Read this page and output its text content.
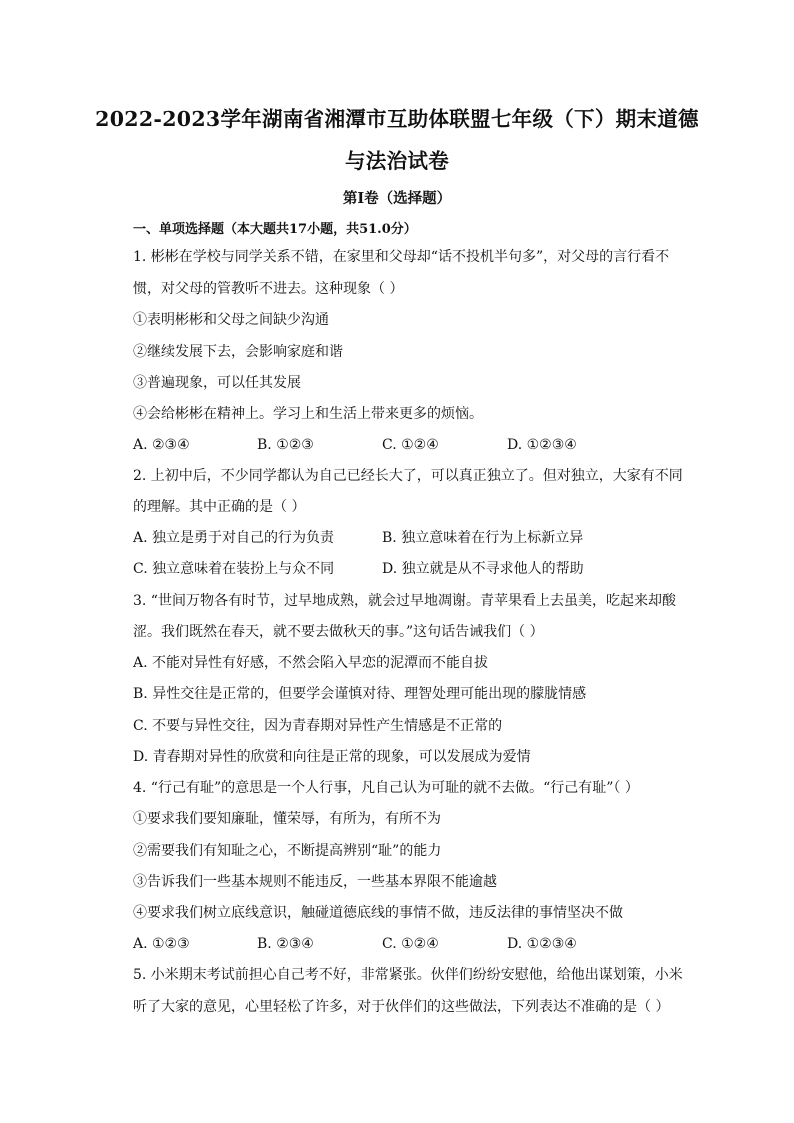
2022-2023学年湖南省湘潭市互助体联盟七年级（下）期末道德
与法治试卷
第I卷（选择题）
一、单项选择题（本大题共17小题，共51.0分）
1. 彬彬在学校与同学关系不错，在家里和父母却“话不投机半句多”，对父母的言行看不
惯，对父母的管教听不进去。这种现象（ ）
①表明彬彬和父母之间缺少沟通
②继续发展下去，会影响家庭和谐
③普遍现象，可以任其发展
④会给彬彬在精神上。学习上和生活上带来更多的烦恼。
A. ②③④	B. ①②③	C. ①②④	D. ①②③④
2. 上初中后，不少同学都认为自己已经长大了，可以真正独立了。但对独立，大家有不同
的理解。其中正确的是（ ）
A. 独立是勇于对自己的行为负责	B. 独立意味着在行为上标新立异
C. 独立意味着在装扮上与众不同	D. 独立就是从不寻求他人的帮助
3. “世间万物各有时节，过早地成熟，就会过早地凋谢。青苹果看上去虽美，吃起来却酸
涩。我们既然在春天，就不要去做秋天的事。”这句话告诫我们（ ）
A. 不能对异性有好感，不然会陷入早恋的泥潭而不能自拔
B. 异性交往是正常的，但要学会谨慎对待、理智处理可能出现的朦胧情感
C. 不要与异性交往，因为青春期对异性产生情感是不正常的
D. 青春期对异性的欣赏和向往是正常的现象，可以发展成为爱情
4. “行己有耻”的意思是一个人行事，凡自己认为可耻的就不去做。“行己有耻”（ ）
①要求我们要知廉耻，懂荣辱，有所为，有所不为
②需要我们有知耻之心，不断提高辨别“耻”的能力
③告诉我们一些基本规则不能违反，一些基本界限不能逾越
④要求我们树立底线意识，触碰道德底线的事情不做，违反法律的事情坚决不做
A. ①②③	B. ②③④	C. ①②④	D. ①②③④
5. 小米期末考试前担心自己考不好，非常紧张。伙伴们纷纷安慰他，给他出谋划策，小米
听了大家的意见，心里轻松了许多，对于伙伴们的这些做法，下列表达不准确的是（ ）
